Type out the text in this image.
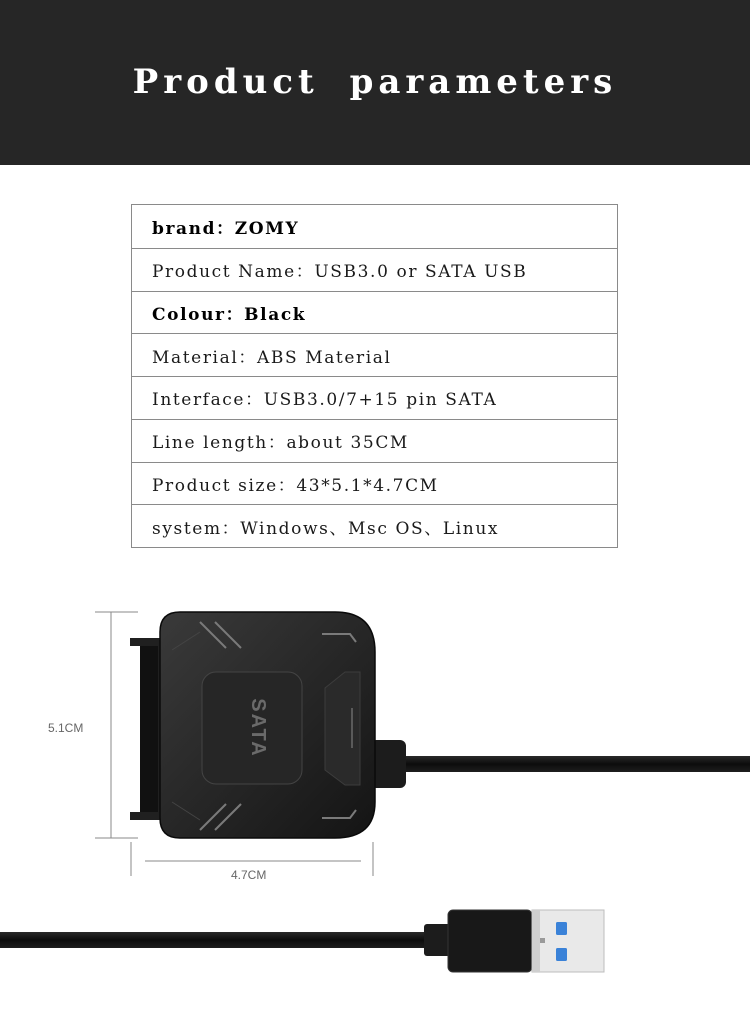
Product parameters
brand：ZOMY
Product Name：USB3.0 or SATA USB
Colour：Black
Material：ABS Material
Interface：USB3.0/7+15 pin SATA
Line length：about 35CM
Product size：43*5.1*4.7CM
system：Windows、Msc OS、Linux
5.1CM
4.7CM
SATA
